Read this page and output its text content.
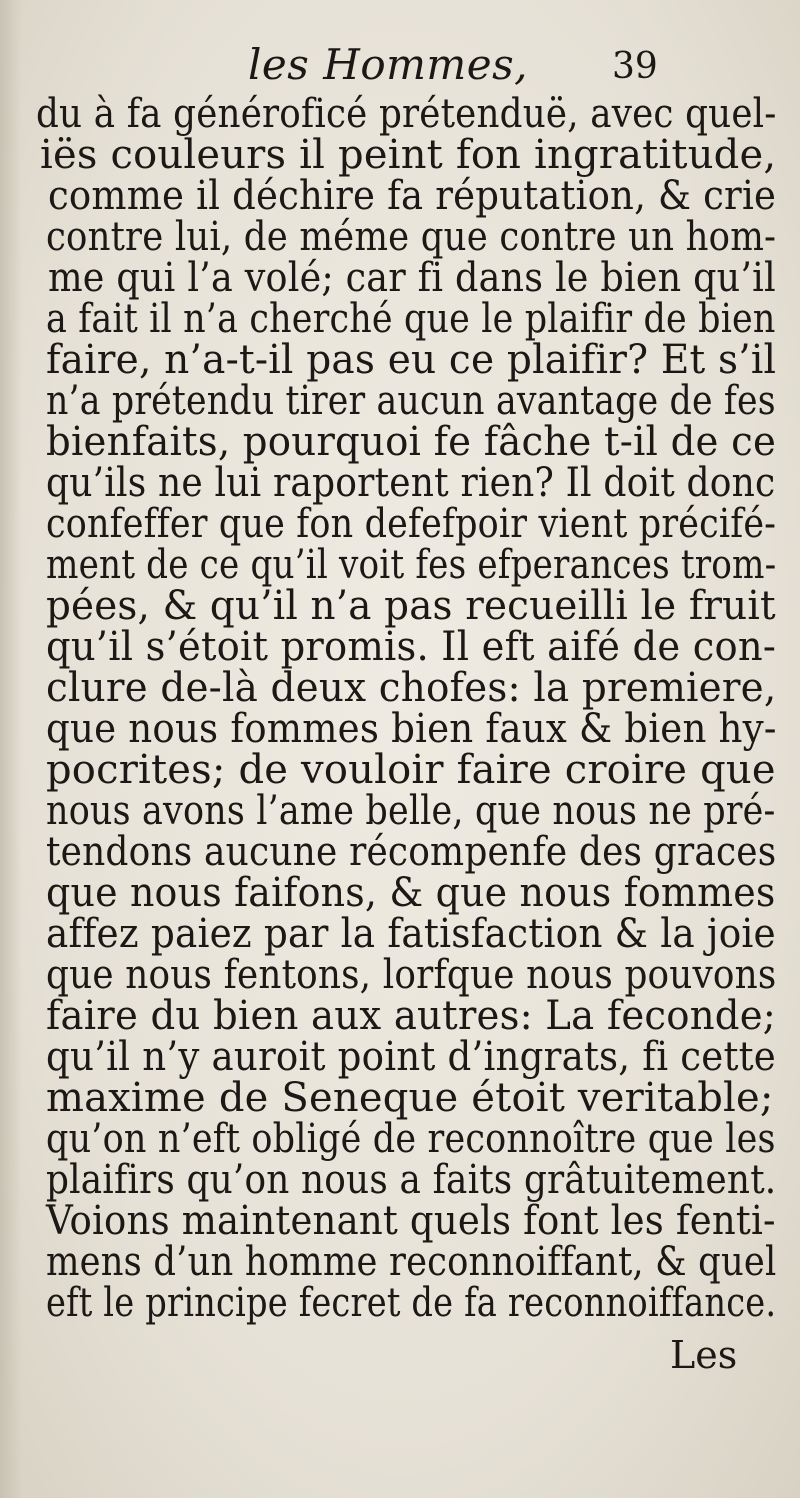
les Hommes, 39
du à fa généroficé prétenduë, avec quel-
iës couleurs il peint fon ingratitude,
comme il déchire fa réputation, & crie
contre lui, de méme que contre un hom-
me qui l’a volé; car fi dans le bien qu’il
a fait il n’a cherché que le plaifir de bien
faire, n’a-t-il pas eu ce plaifir? Et s’il
n’a prétendu tirer aucun avantage de fes
bienfaits, pourquoi fe fâche t-il de ce
qu’ils ne lui raportent rien? Il doit donc
confeffer que fon defefpoir vient précifé-
ment de ce qu’il voit fes efperances trom-
pées, & qu’il n’a pas recueilli le fruit
qu’il s’étoit promis. Il eft aifé de con-
clure de-là deux chofes: la premiere,
que nous fommes bien faux & bien hy-
pocrites; de vouloir faire croire que
nous avons l’ame belle, que nous ne pré-
tendons aucune récompenfe des graces
que nous faifons, & que nous fommes
affez paiez par la fatisfaction & la joie
que nous fentons, lorfque nous pouvons
faire du bien aux autres: La feconde;
qu’il n’y auroit point d’ingrats, fi cette
maxime de Seneque étoit veritable;
qu’on n’eft obligé de reconnoître que les
plaifirs qu’on nous a faits grâtuitement.
Voions maintenant quels font les fenti-
mens d’un homme reconnoiffant, & quel
eft le principe fecret de fa reconnoiffance.
Les
